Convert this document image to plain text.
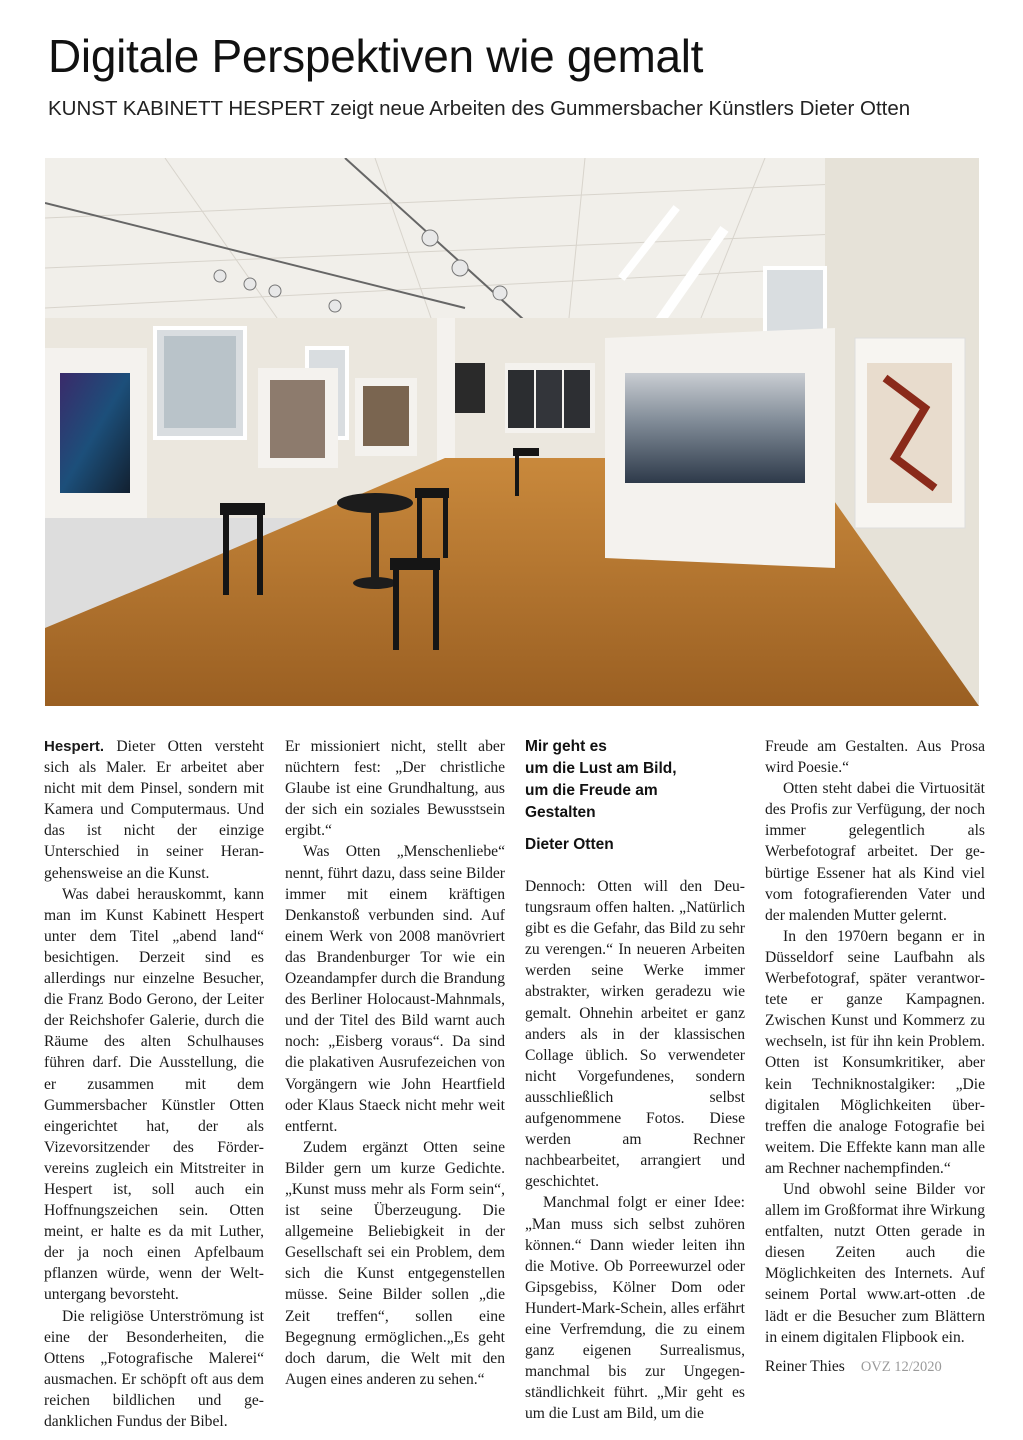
Digitale Perspektiven wie gemalt

KUNST KABINETT HESPERT zeigt neue Arbeiten des Gummersbacher Künstlers Dieter Otten

Hespert. Dieter Otten versteht sich als Maler. Er arbeitet aber nicht mit dem Pinsel, sondern mit Kamera und Computermaus. Und das ist nicht der einzige Unterschied in seiner Herangehensweise an die Kunst.

Was dabei herauskommt, kann man im Kunst Kabinett Hespert unter dem Titel „abend land“ besichtigen. Derzeit sind es allerdings nur einzelne Besucher, die Franz Bodo Gerono, der Leiter der Reichshofer Galerie, durch die Räume des alten Schulhauses führen darf. Die Ausstellung, die er zusammen mit dem Gummersbacher Künstler Otten eingerichtet hat, der als Vizevorsitzender des Fördervereins zugleich ein Mitstreiter in Hespert ist, soll auch ein Hoffnungszeichen sein. Otten meint, er halte es da mit Luther, der ja noch einen Apfelbaum pflanzen würde, wenn der Weltuntergang bevorsteht.

Die religiöse Unterströmung ist eine der Besonderheiten, die Ottens „Fotografische Malerei“ ausmachen. Er schöpft oft aus dem reichen bildlichen und gedanklichen Fundus der Bibel.

Er missioniert nicht, stellt aber nüchtern fest: „Der christliche Glaube ist eine Grundhaltung, aus der sich ein soziales Bewusstsein ergibt.“

Was Otten „Menschenliebe“ nennt, führt dazu, dass seine Bilder immer mit einem kräftigen Denkanstoß verbunden sind. Auf einem Werk von 2008 manövriert das Brandenburger Tor wie ein Ozeandampfer durch die Brandung des Berliner Holocaust-Mahnmals, und der Titel des Bild warnt auch noch: „Eisberg voraus“. Da sind die plakativen Ausrufezeichen von Vorgängern wie John Heartfield oder Klaus Staeck nicht mehr weit entfernt.

Zudem ergänzt Otten seine Bilder gern um kurze Gedichte. „Kunst muss mehr als Form sein“, ist seine Überzeugung. Die allgemeine Beliebigkeit in der Gesellschaft sei ein Problem, dem sich die Kunst entgegenstellen müsse. Seine Bilder sollen „die Zeit treffen“, sollen eine Begegnung ermöglichen.„Es geht doch darum, die Welt mit den Augen eines anderen zu sehen.“

Mir geht es
um die Lust am Bild,
um die Freude am
Gestalten
Dieter Otten

Dennoch: Otten will den Deutungsraum offen halten. „Natürlich gibt es die Gefahr, das Bild zu sehr zu verengen.“ In neueren Arbeiten werden seine Werke immer abstrakter, wirken geradezu wie gemalt. Ohnehin arbeitet er ganz anders als in der klassischen Collage üblich. So verwendeter nicht Vorgefundenes, sondern ausschließlich selbst aufgenommene Fotos. Diese werden am Rechner nachbearbeitet, arrangiert und geschichtet.

Manchmal folgt er einer Idee: „Man muss sich selbst zuhören können.“ Dann wieder leiten ihn die Motive. Ob Porreewurzel oder Gipsgebiss, Kölner Dom oder Hundert-Mark-Schein, alles erfährt eine Verfremdung, die zu einem ganz eigenen Surrealismus, manchmal bis zur Ungegenständlichkeit führt. „Mir geht es um die Lust am Bild, um die

Freude am Gestalten. Aus Prosa wird Poesie.“

Otten steht dabei die Virtuosität des Profis zur Verfügung, der noch immer gelegentlich als Werbefotograf arbeitet. Der gebürtige Essener hat als Kind viel vom fotografierenden Vater und der malenden Mutter gelernt.

In den 1970ern begann er in Düsseldorf seine Laufbahn als Werbefotograf, später verantwortete er ganze Kampagnen. Zwischen Kunst und Kommerz zu wechseln, ist für ihn kein Problem. Otten ist Konsumkritiker, aber kein Techniknostalgiker: „Die digitalen Möglichkeiten übertreffen die analoge Fotografie bei weitem. Die Effekte kann man alle am Rechner nachempfinden.“

Und obwohl seine Bilder vor allem im Großformat ihre Wirkung entfalten, nutzt Otten gerade in diesen Zeiten auch die Möglichkeiten des Internets. Auf seinem Portal www.art-otten .de lädt er die Besucher zum Blättern in einem digitalen Flipbook ein.

Reiner Thies OVZ 12/2020
